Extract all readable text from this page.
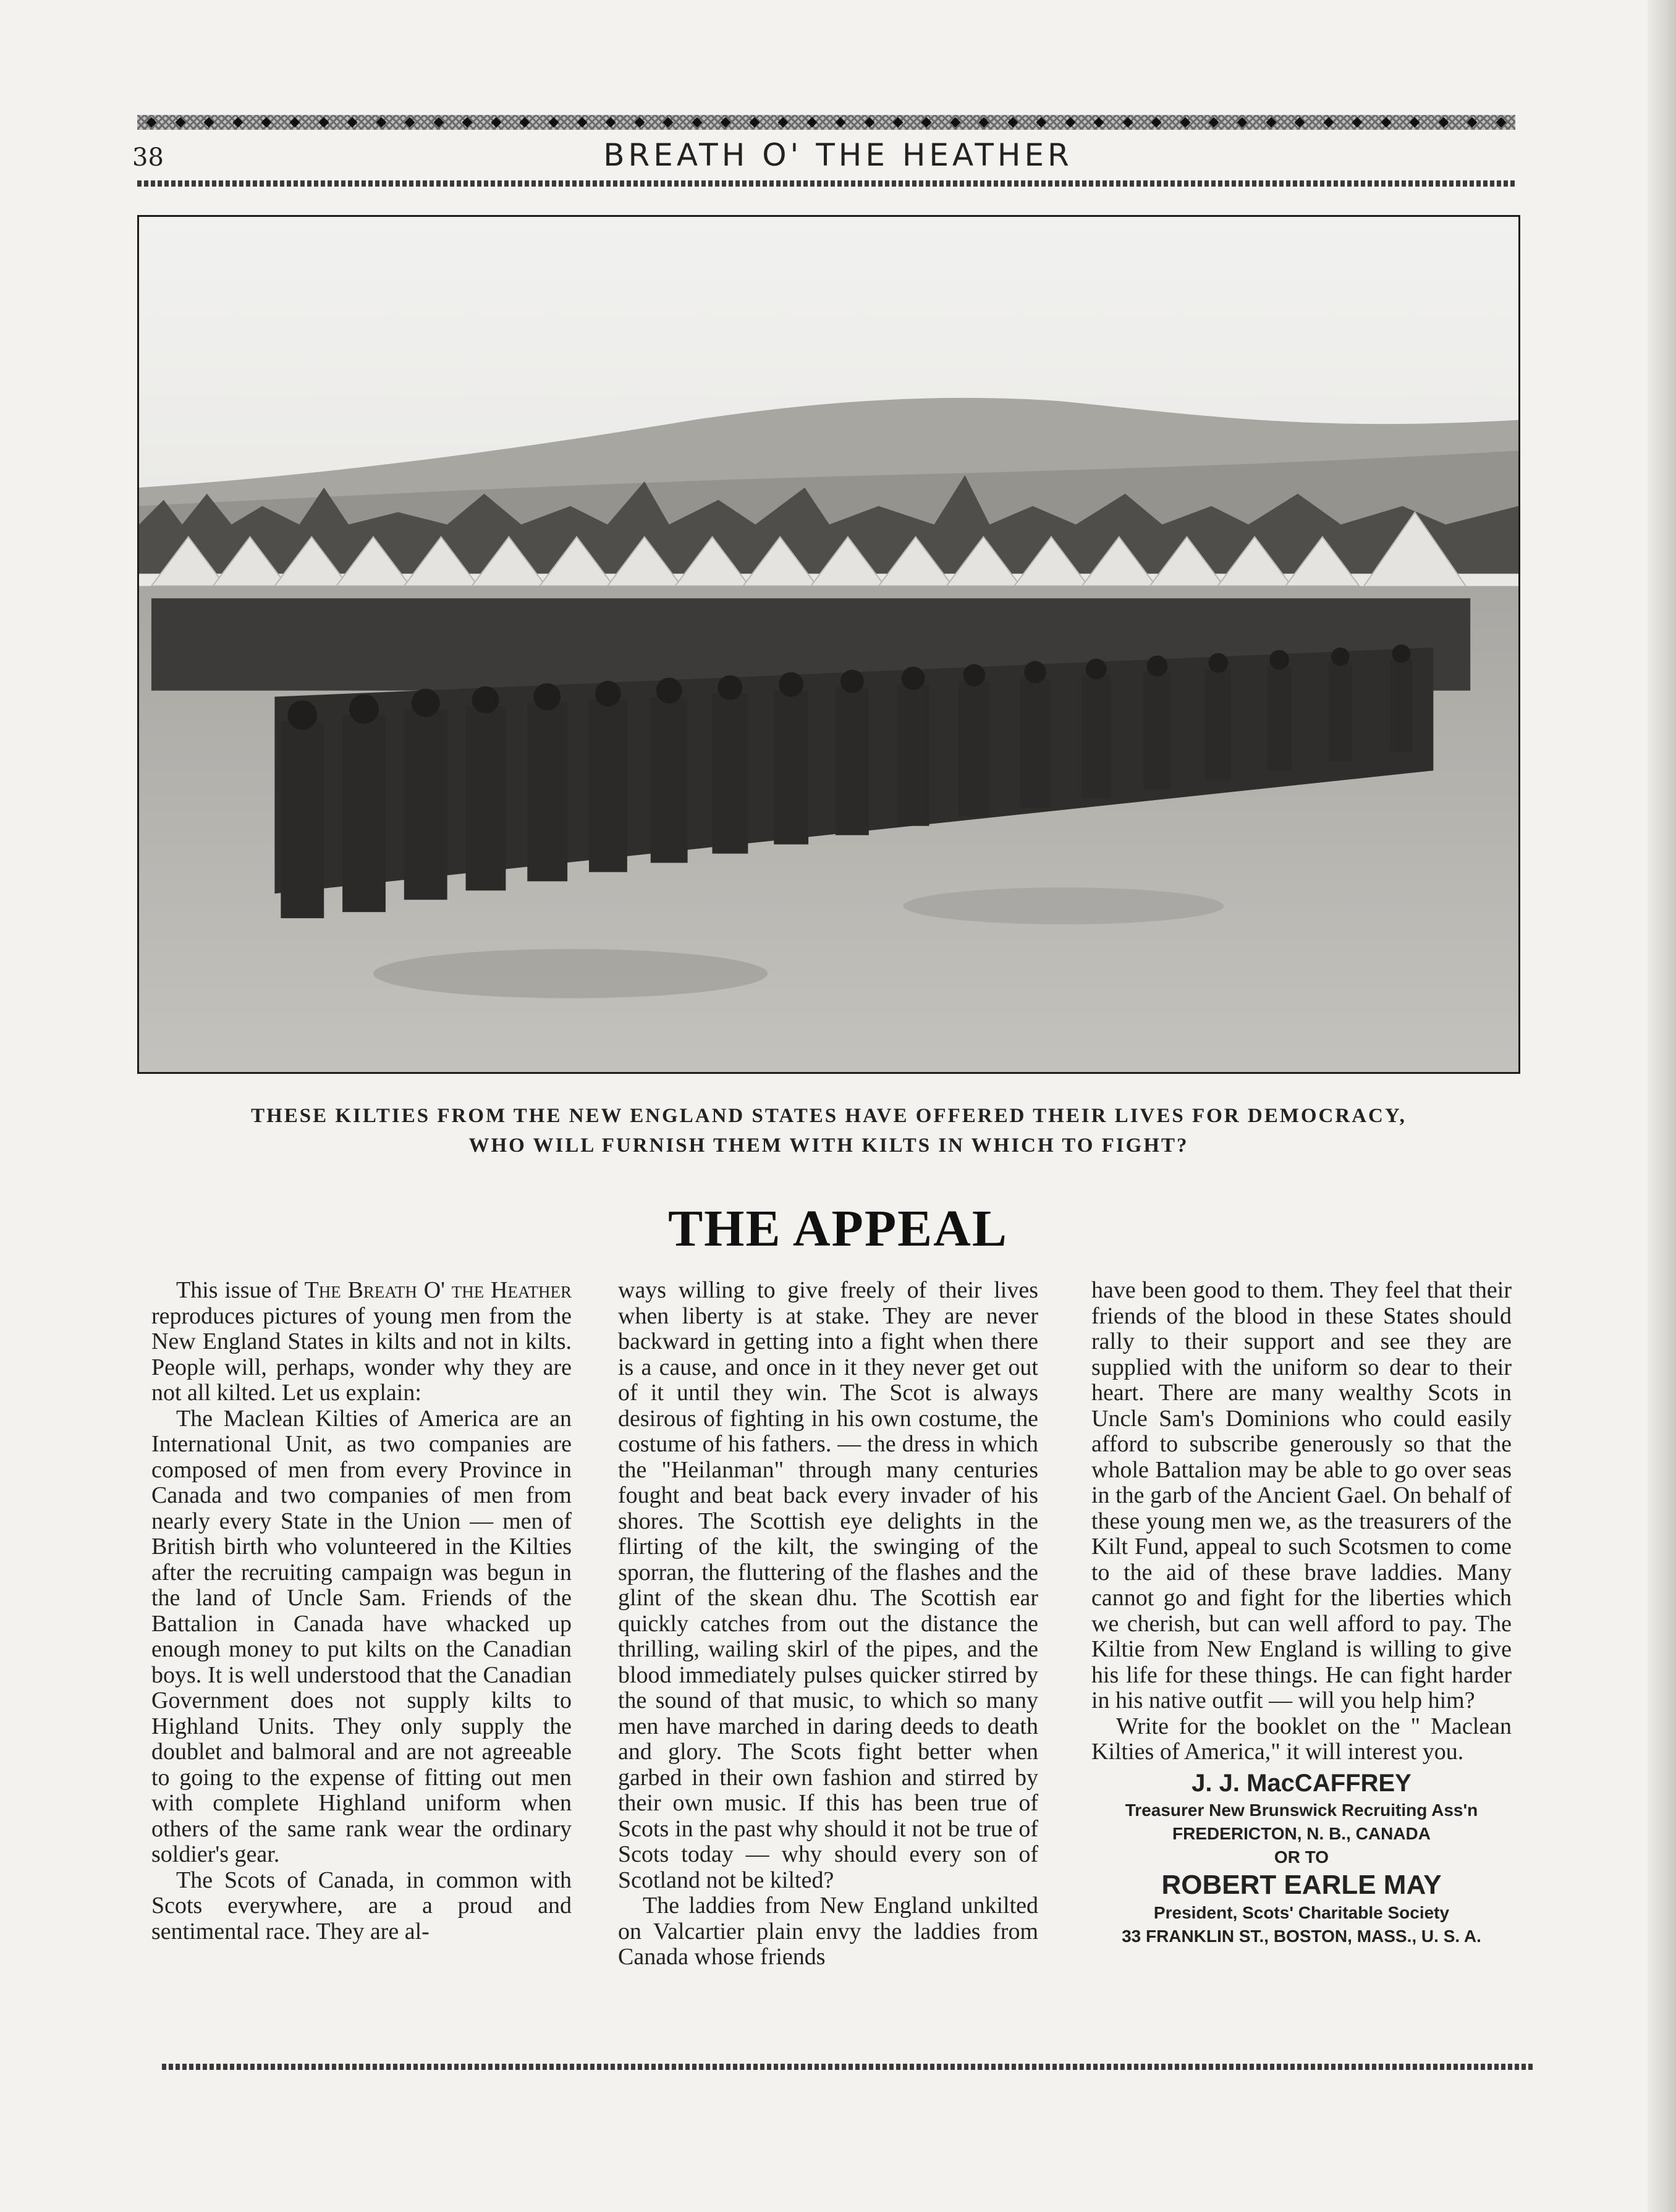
38	BREATH O' THE HEATHER
THESE KILTIES FROM THE NEW ENGLAND STATES HAVE OFFERED THEIR LIVES FOR DEMOCRACY,
WHO WILL FURNISH THEM WITH KILTS IN WHICH TO FIGHT?
THE APPEAL

This issue of The Breath O' the Heather reproduces pictures of young men from the New England States in kilts and not in kilts. People will, perhaps, wonder why they are not all kilted. Let us explain:

The Maclean Kilties of America are an International Unit, as two companies are composed of men from every Province in Canada and two companies of men from nearly every State in the Union — men of British birth who volunteered in the Kilties after the recruiting campaign was begun in the land of Uncle Sam. Friends of the Battalion in Canada have whacked up enough money to put kilts on the Canadian boys. It is well understood that the Canadian Government does not supply kilts to Highland Units. They only supply the doublet and balmoral and are not agreeable to going to the expense of fitting out men with complete Highland uniform when others of the same rank wear the ordinary soldier's gear.

The Scots of Canada, in common with Scots everywhere, are a proud and sentimental race. They are al-

ways willing to give freely of their lives when liberty is at stake. They are never backward in getting into a fight when there is a cause, and once in it they never get out of it until they win. The Scot is always desirous of fighting in his own costume, the costume of his fathers. — the dress in which the "Heilanman" through many centuries fought and beat back every invader of his shores. The Scottish eye delights in the flirting of the kilt, the swinging of the sporran, the fluttering of the flashes and the glint of the skean dhu. The Scottish ear quickly catches from out the distance the thrilling, wailing skirl of the pipes, and the blood immediately pulses quicker stirred by the sound of that music, to which so many men have marched in daring deeds to death and glory. The Scots fight better when garbed in their own fashion and stirred by their own music. If this has been true of Scots in the past why should it not be true of Scots today — why should every son of Scotland not be kilted?

The laddies from New England unkilted on Valcartier plain envy the laddies from Canada whose friends

have been good to them. They feel that their friends of the blood in these States should rally to their support and see they are supplied with the uniform so dear to their heart. There are many wealthy Scots in Uncle Sam's Dominions who could easily afford to subscribe generously so that the whole Battalion may be able to go over seas in the garb of the Ancient Gael. On behalf of these young men we, as the treasurers of the Kilt Fund, appeal to such Scotsmen to come to the aid of these brave laddies. Many cannot go and fight for the liberties which we cherish, but can well afford to pay. The Kiltie from New England is willing to give his life for these things. He can fight harder in his native outfit — will you help him?

Write for the booklet on the " Maclean Kilties of America," it will interest you.

J. J. MacCAFFREY
Treasurer New Brunswick Recruiting Ass'n
FREDERICTON, N. B., CANADA
OR TO
ROBERT EARLE MAY
President, Scots' Charitable Society
33 FRANKLIN ST., BOSTON, MASS., U. S. A.
